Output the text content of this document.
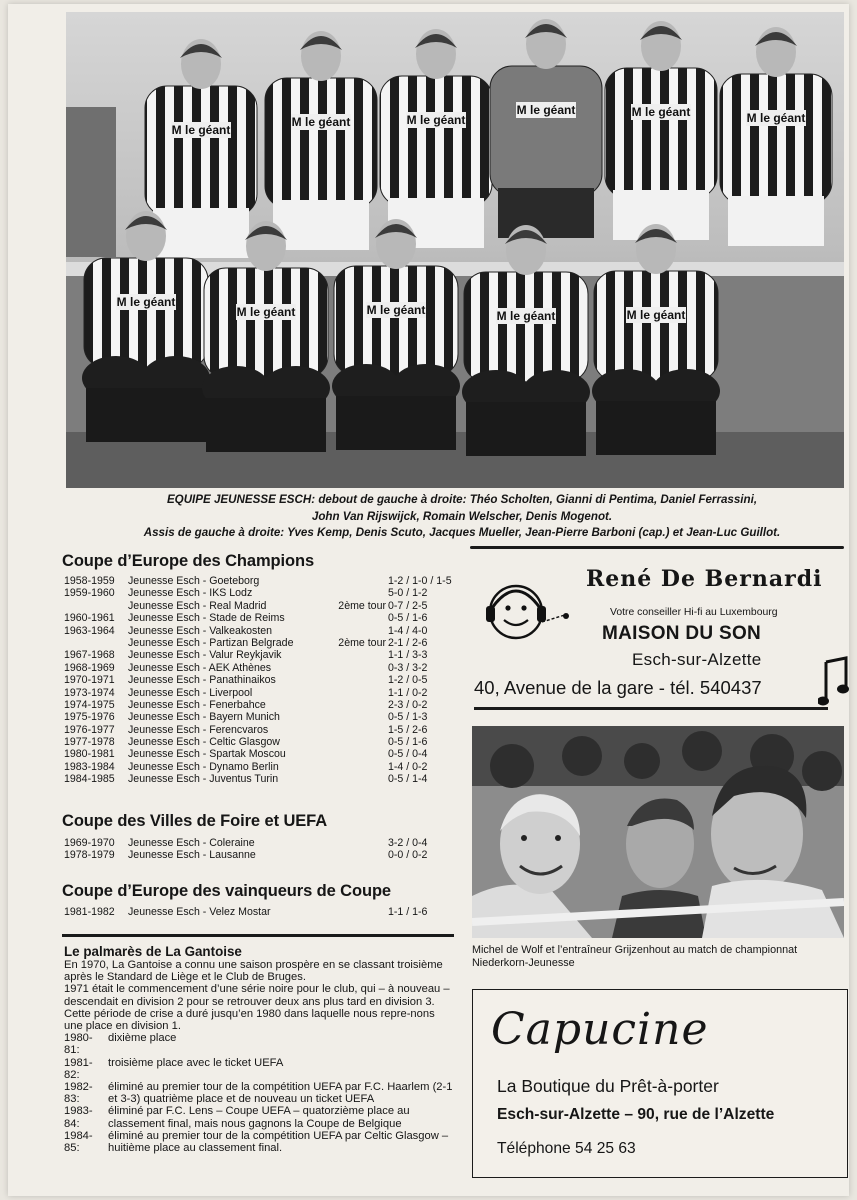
M le géant
M le géant	M le géant
M le géant	M le géant	M le géant
M le géant
M le géant	M le géant	M le géant	M le géant
EQUIPE JEUNESSE ESCH: debout de gauche à droite: Théo Scholten, Gianni di Pentima, Daniel Ferrassini,
John Van Rijswijck, Romain Welscher, Denis Mogenot.
Assis de gauche à droite: Yves Kemp, Denis Scuto, Jacques Mueller, Jean-Pierre Barboni (cap.) et Jean-Luc Guillot.
Coupe d’Europe des Champions
1958-1959	Jeunesse Esch - Goeteborg	1-2 / 1-0 / 1-5
1959-1960	Jeunesse Esch - IKS Lodz	5-0 / 1-2
Jeunesse Esch - Real Madrid	2ème tour 0-7 / 2-5
1960-1961	Jeunesse Esch - Stade de Reims	0-5 / 1-6
1963-1964	Jeunesse Esch - Valkeakosten	1-4 / 4-0
Jeunesse Esch - Partizan Belgrade	2ème tour 2-1 / 2-6
1967-1968	Jeunesse Esch - Valur Reykjavik	1-1 / 3-3
1968-1969	Jeunesse Esch - AEK Athènes	0-3 / 3-2
1970-1971	Jeunesse Esch - Panathinaikos	1-2 / 0-5
1973-1974	Jeunesse Esch - Liverpool	1-1 / 0-2
1974-1975	Jeunesse Esch - Fenerbahce	2-3 / 0-2
1975-1976	Jeunesse Esch - Bayern Munich	0-5 / 1-3
1976-1977	Jeunesse Esch - Ferencvaros	1-5 / 2-6
1977-1978	Jeunesse Esch - Celtic Glasgow	0-5 / 1-6
1980-1981	Jeunesse Esch - Spartak Moscou	0-5 / 0-4
1983-1984	Jeunesse Esch - Dynamo Berlin	1-4 / 0-2
1984-1985	Jeunesse Esch - Juventus Turin	0-5 / 1-4
Coupe des Villes de Foire et UEFA
1969-1970	Jeunesse Esch - Coleraine	3-2 / 0-4
1978-1979	Jeunesse Esch - Lausanne	0-0 / 0-2
Coupe d’Europe des vainqueurs de Coupe
1981-1982	Jeunesse Esch - Velez Mostar	1-1 / 1-6
Le palmarès de La Gantoise

En 1970, La Gantoise a connu une saison prospère en se classant troisième après le Standard de Liège et le Club de Bruges.

1971 était le commencement d’une série noire pour le club, qui – à nouveau – descendait en division 2 pour se retrouver deux ans plus tard en division 3.

Cette période de crise a duré jusqu’en 1980 dans laquelle nous repre-nons une place en division 1.

1980-81:
dixième place
1981-82:
troisième place avec le ticket UEFA
1982-83:
éliminé au premier tour de la compétition UEFA par F.C. Haarlem (2-1 et 3-3) quatrième place et de nouveau un ticket UEFA
1983-84:
éliminé par F.C. Lens – Coupe UEFA – quatorzième place au classement final, mais nous gagnons la Coupe de Belgique
1984-85:
éliminé au premier tour de la compétition UEFA par Celtic Glasgow – huitième place au classement final.
René De Bernardi
Votre conseiller Hi-fi au Luxembourg
MAISON DU SON
Esch-sur-Alzette
40, Avenue de la gare - tél. 540437
Michel de Wolf et l’entraîneur Grijzenhout au match de championnat Niederkorn-Jeunesse
Capucine
La Boutique du Prêt-à-porter
Esch-sur-Alzette – 90, rue de l’Alzette
Téléphone 54 25 63
